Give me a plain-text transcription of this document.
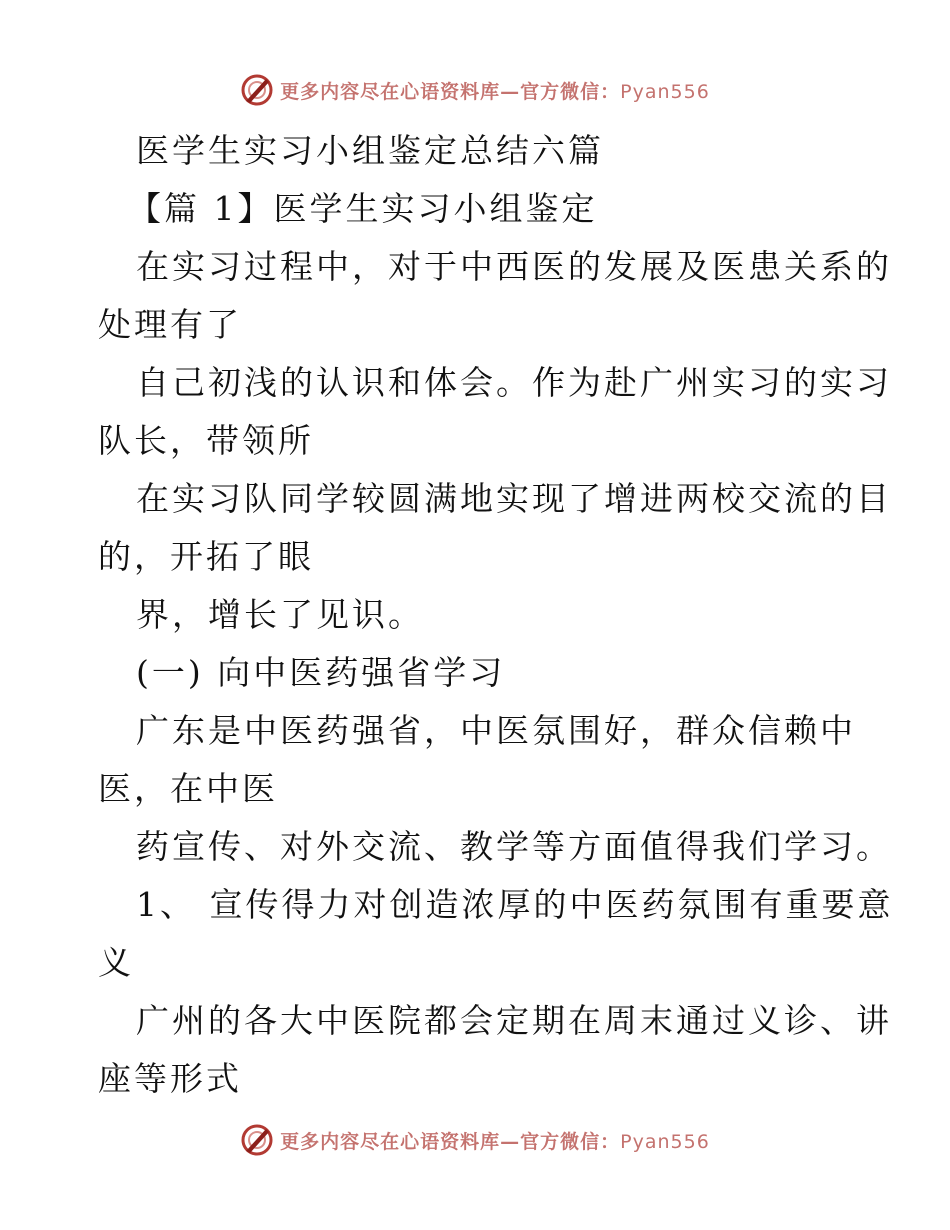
更多内容尽在心语资料库—官方微信：Pyan556

医学生实习小组鉴定总结六篇

【篇 1】医学生实习小组鉴定

在实习过程中，对于中西医的发展及医患关系的

处理有了

自己初浅的认识和体会。作为赴广州实习的实习

队长，带领所

在实习队同学较圆满地实现了增进两校交流的目

的，开拓了眼

界，增长了见识。

(一) 向中医药强省学习

广东是中医药强省，中医氛围好，群众信赖中

医，在中医

药宣传、对外交流、教学等方面值得我们学习。

1、 宣传得力对创造浓厚的中医药氛围有重要意

义

广州的各大中医院都会定期在周末通过义诊、讲

座等形式

更多内容尽在心语资料库—官方微信：Pyan556
